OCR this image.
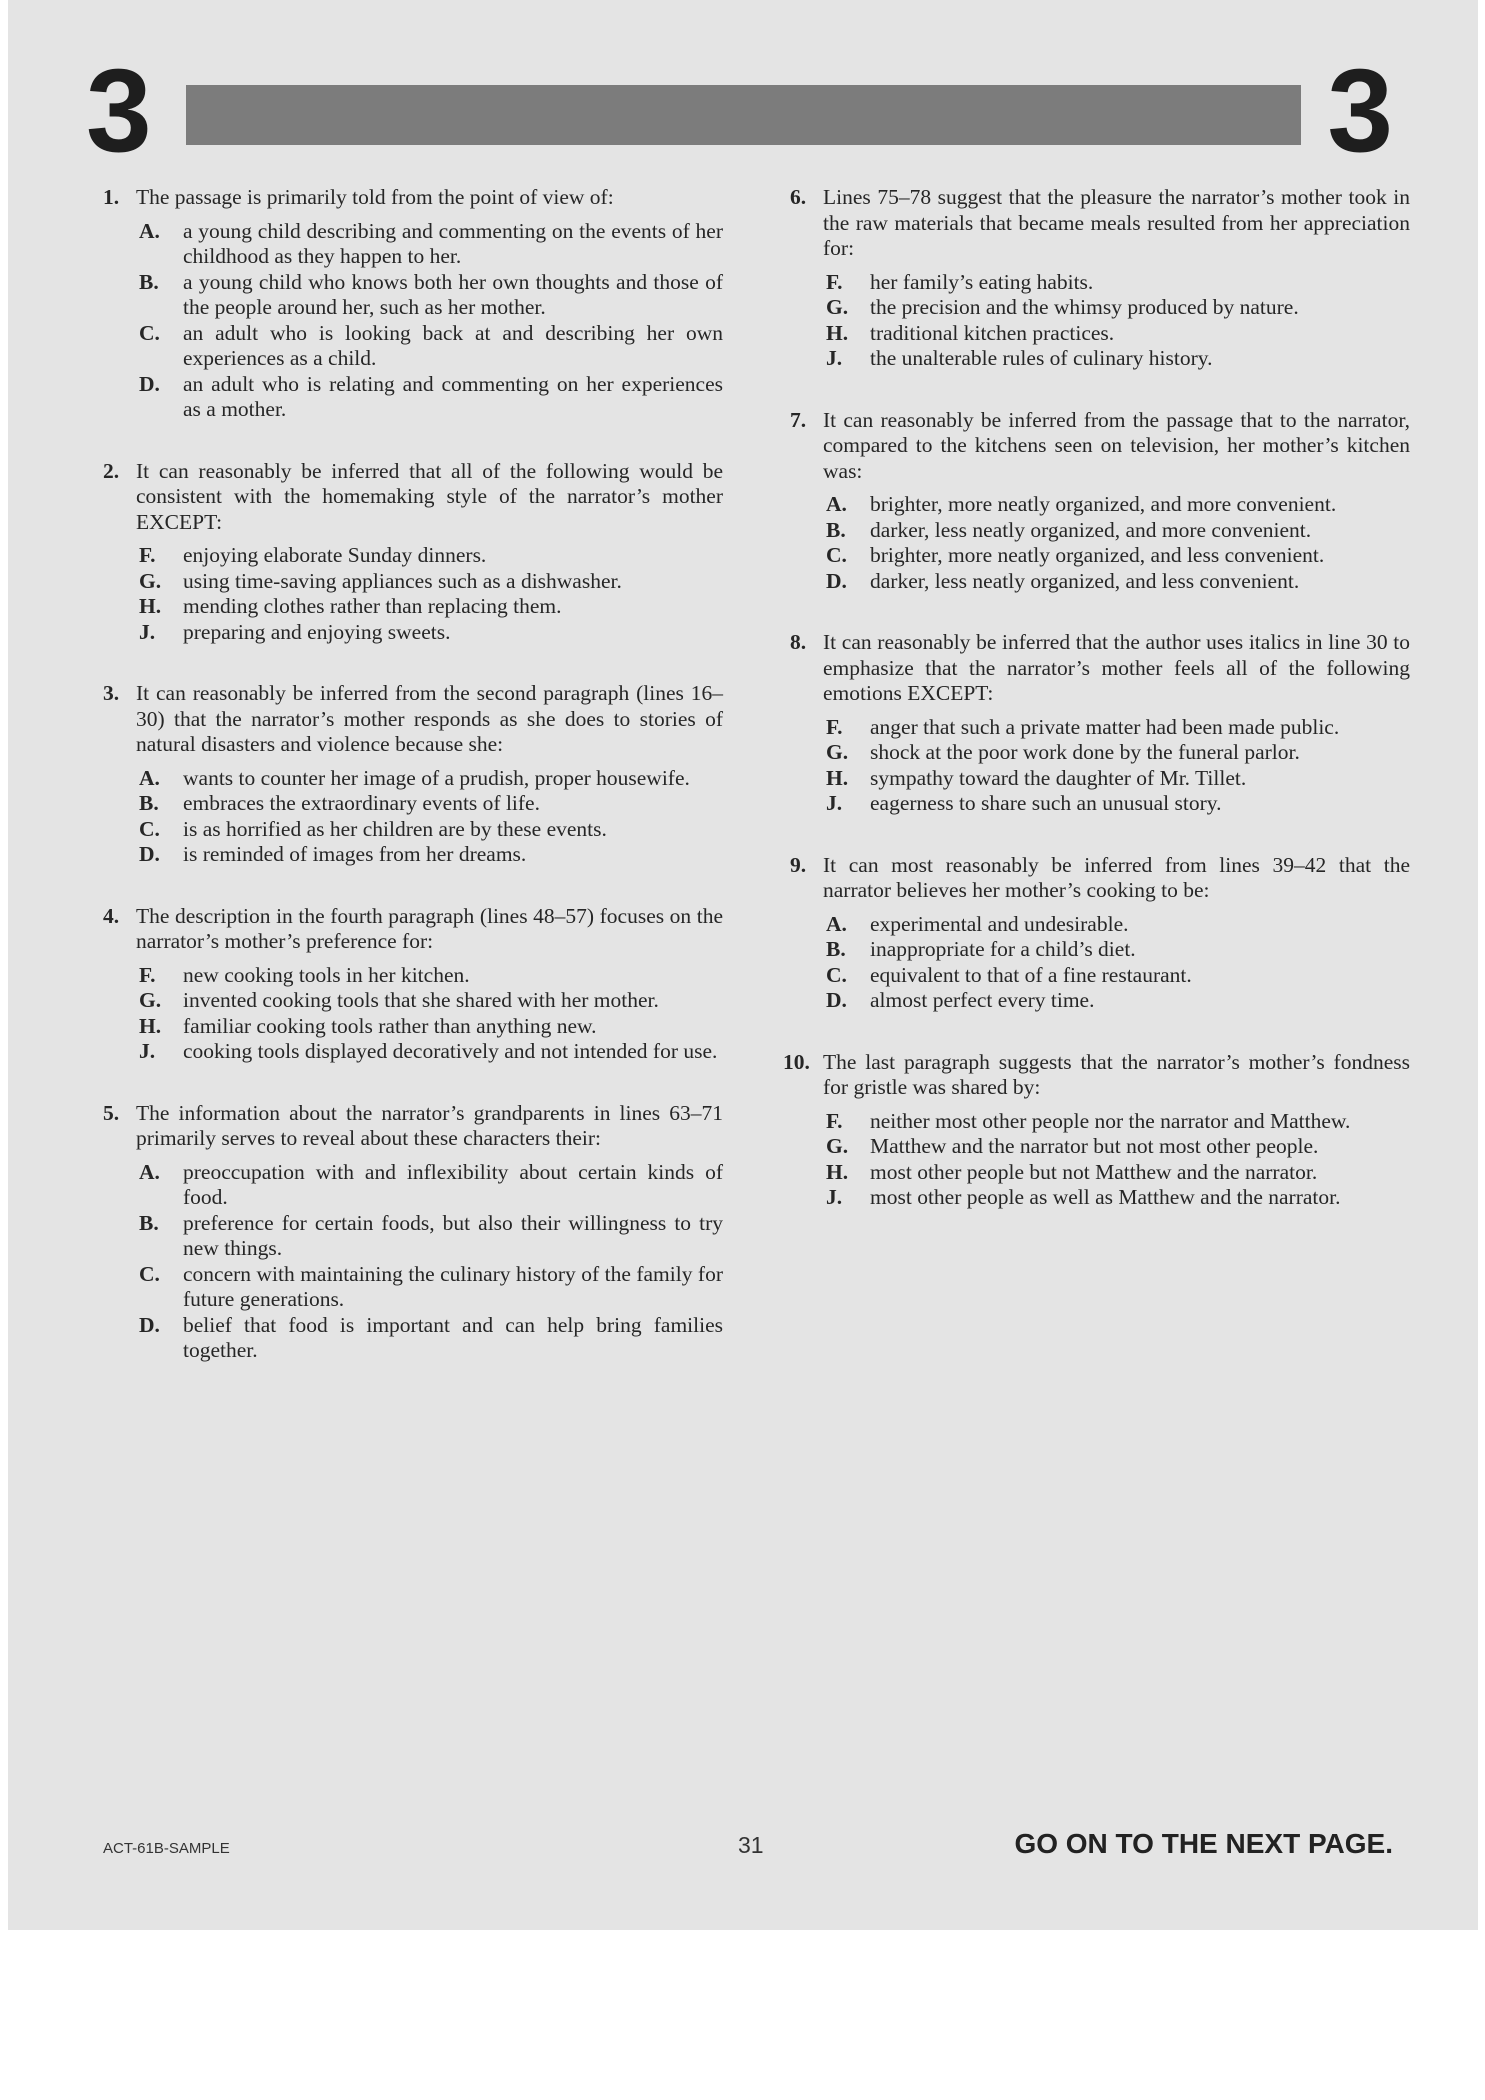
3	3
1. The passage is primarily told from the point of view of:
A.	a young child describing and commenting on the events of her childhood as they happen to her.
B.	a young child who knows both her own thoughts and those of the people around her, such as her mother.
C.	an adult who is looking back at and describing her own experiences as a child.
D.	an adult who is relating and commenting on her experiences as a mother.
2. It can reasonably be inferred that all of the following would be consistent with the homemaking style of the narrator’s mother EXCEPT:
F.	enjoying elaborate Sunday dinners.
G.	using time-saving appliances such as a dishwasher.
H.	mending clothes rather than replacing them.
J.	preparing and enjoying sweets.
3. It can reasonably be inferred from the second paragraph (lines 16–30) that the narrator’s mother responds as she does to stories of natural disasters and violence because she:
A.	wants to counter her image of a prudish, proper housewife.
B.	embraces the extraordinary events of life.
C.	is as horrified as her children are by these events.
D.	is reminded of images from her dreams.
4. The description in the fourth paragraph (lines 48–57) focuses on the narrator’s mother’s preference for:
F.	new cooking tools in her kitchen.
G.	invented cooking tools that she shared with her mother.
H.	familiar cooking tools rather than anything new.
J.	cooking tools displayed decoratively and not intended for use.
5. The information about the narrator’s grandparents in lines 63–71 primarily serves to reveal about these characters their:
A.	preoccupation with and inflexibility about certain kinds of food.
B.	preference for certain foods, but also their willingness to try new things.
C.	concern with maintaining the culinary history of the family for future generations.
D.	belief that food is important and can help bring families together.
6. Lines 75–78 suggest that the pleasure the narrator’s mother took in the raw materials that became meals resulted from her appreciation for:
F.	her family’s eating habits.
G.	the precision and the whimsy produced by nature.
H.	traditional kitchen practices.
J.	the unalterable rules of culinary history.
7. It can reasonably be inferred from the passage that to the narrator, compared to the kitchens seen on television, her mother’s kitchen was:
A.	brighter, more neatly organized, and more convenient.
B.	darker, less neatly organized, and more convenient.
C.	brighter, more neatly organized, and less convenient.
D.	darker, less neatly organized, and less convenient.
8. It can reasonably be inferred that the author uses italics in line 30 to emphasize that the narrator’s mother feels all of the following emotions EXCEPT:
F.	anger that such a private matter had been made public.
G.	shock at the poor work done by the funeral parlor.
H.	sympathy toward the daughter of Mr. Tillet.
J.	eagerness to share such an unusual story.
9. It can most reasonably be inferred from lines 39–42 that the narrator believes her mother’s cooking to be:
A.	experimental and undesirable.
B.	inappropriate for a child’s diet.
C.	equivalent to that of a fine restaurant.
D.	almost perfect every time.
10. The last paragraph suggests that the narrator’s mother’s fondness for gristle was shared by:
F.	neither most other people nor the narrator and Matthew.
G.	Matthew and the narrator but not most other people.
H.	most other people but not Matthew and the narrator.
J.	most other people as well as Matthew and the narrator.
ACT-61B-SAMPLE	31	GO ON TO THE NEXT PAGE.
